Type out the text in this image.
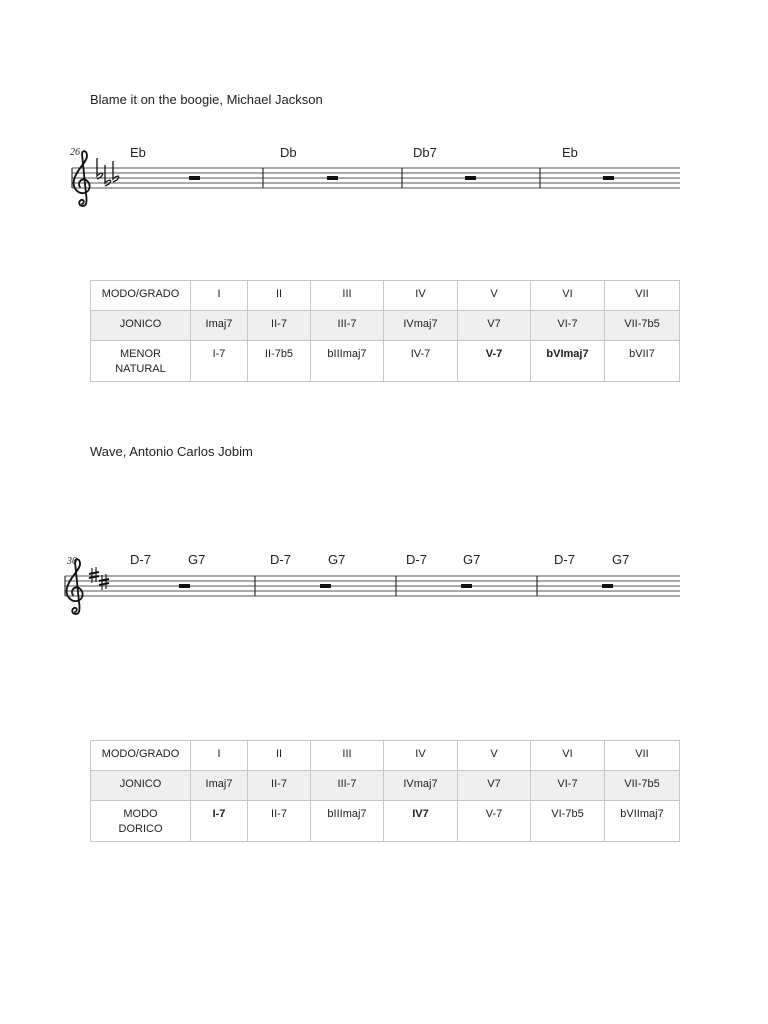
Blame it on the boogie, Michael Jackson
26	Eb	Db	Db7	Eb
MODO/GRADO	I	II	III	IV	V	VI	VII
JONICO	Imaj7	II-7	III-7	IVmaj7	V7	VI-7	VII-7b5
MENOR
NATURAL	I-7	II-7b5	bIIImaj7	IV-7	V-7	bVImaj7	bVII7
Wave, Antonio Carlos Jobim
30	D-7	G7	D-7	G7	D-7	G7	D-7	G7
MODO/GRADO	I	II	III	IV	V	VI	VII
JONICO	Imaj7	II-7	III-7	IVmaj7	V7	VI-7	VII-7b5
MODO
DORICO	I-7	II-7	bIIImaj7	IV7	V-7	VI-7b5	bVIImaj7
